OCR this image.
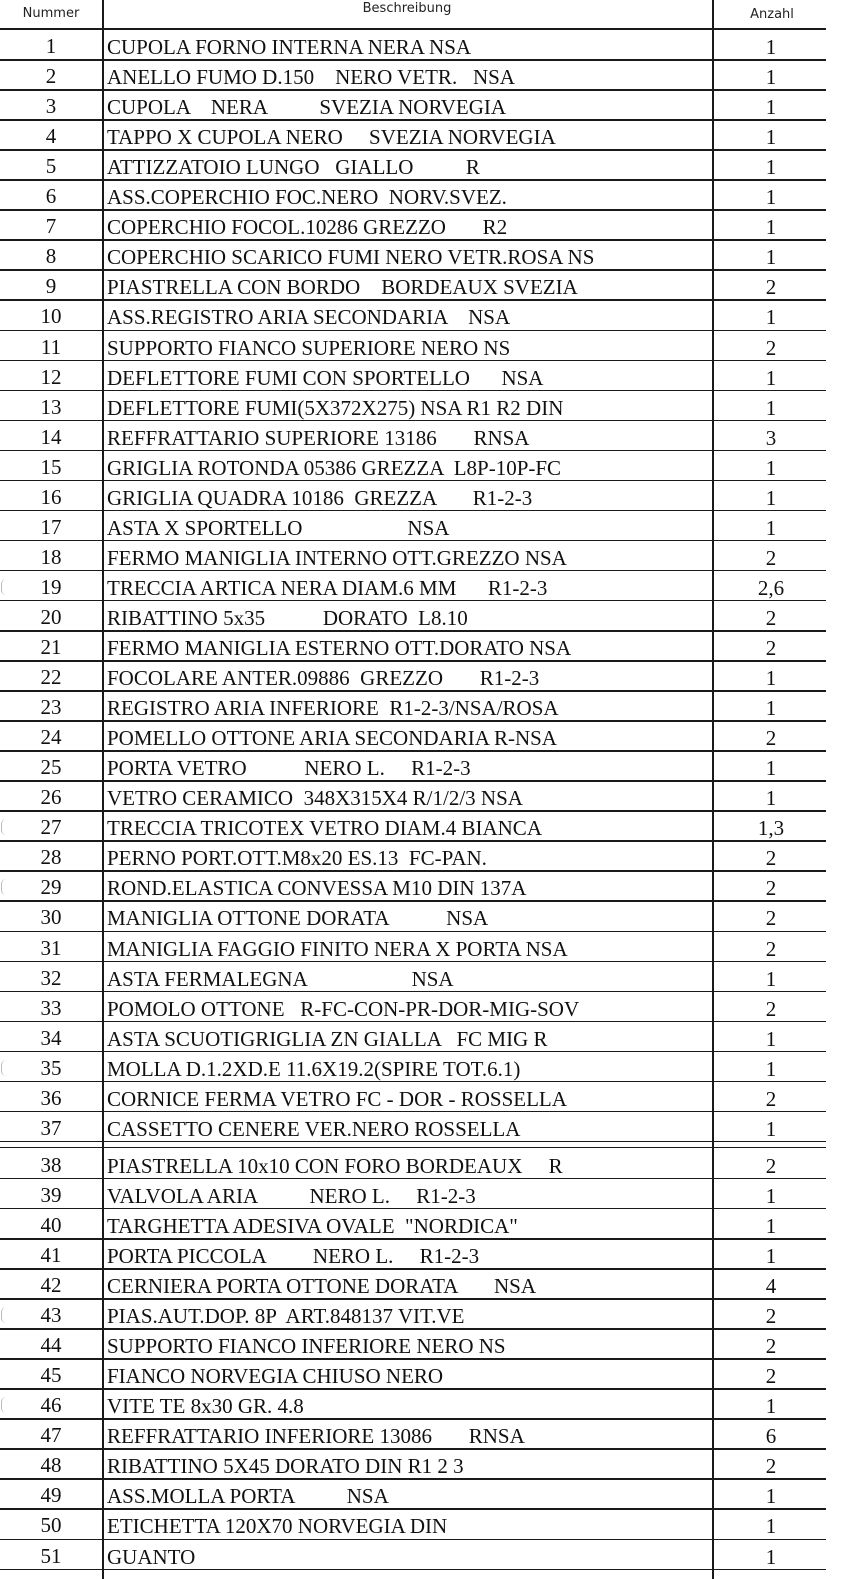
Nummer	Beschreibung	Anzahl
1	CUPOLA FORNO INTERNA NERA NSA	1
2	ANELLO FUMO D.150    NERO VETR.   NSA	1
3	CUPOLA    NERA          SVEZIA NORVEGIA	1
4	TAPPO X CUPOLA NERO     SVEZIA NORVEGIA	1
5	ATTIZZATOIO LUNGO   GIALLO          R	1
6	ASS.COPERCHIO FOC.NERO  NORV.SVEZ.	1
7	COPERCHIO FOCOL.10286 GREZZO       R2	1
8	COPERCHIO SCARICO FUMI NERO VETR.ROSA NS	1
9	PIASTRELLA CON BORDO    BORDEAUX SVEZIA	2
10	ASS.REGISTRO ARIA SECONDARIA    NSA	1
11	SUPPORTO FIANCO SUPERIORE NERO NS	2
12	DEFLETTORE FUMI CON SPORTELLO      NSA	1
13	DEFLETTORE FUMI(5X372X275) NSA R1 R2 DIN	1
14	REFFRATTARIO SUPERIORE 13186       RNSA	3
15	GRIGLIA ROTONDA 05386 GREZZA  L8P-10P-FC	1
16	GRIGLIA QUADRA 10186  GREZZA       R1-2-3	1
17	ASTA X SPORTELLO                    NSA	1
18	FERMO MANIGLIA INTERNO OTT.GREZZO NSA	2
19	TRECCIA ARTICA NERA DIAM.6 MM      R1-2-3	2,6
20	RIBATTINO 5x35           DORATO  L8.10	2
21	FERMO MANIGLIA ESTERNO OTT.DORATO NSA	2
22	FOCOLARE ANTER.09886  GREZZO       R1-2-3	1
23	REGISTRO ARIA INFERIORE  R1-2-3/NSA/ROSA	1
24	POMELLO OTTONE ARIA SECONDARIA R-NSA	2
25	PORTA VETRO           NERO L.     R1-2-3	1
26	VETRO CERAMICO  348X315X4 R/1/2/3 NSA	1
27	TRECCIA TRICOTEX VETRO DIAM.4 BIANCA	1,3
28	PERNO PORT.OTT.M8x20 ES.13  FC-PAN.	2
29	ROND.ELASTICA CONVESSA M10 DIN 137A	2
30	MANIGLIA OTTONE DORATA           NSA	2
31	MANIGLIA FAGGIO FINITO NERA X PORTA NSA	2
32	ASTA FERMALEGNA                    NSA	1
33	POMOLO OTTONE   R-FC-CON-PR-DOR-MIG-SOV	2
34	ASTA SCUOTIGRIGLIA ZN GIALLA   FC MIG R	1
35	MOLLA D.1.2XD.E 11.6X19.2(SPIRE TOT.6.1)	1
36	CORNICE FERMA VETRO FC - DOR - ROSSELLA	2
37	CASSETTO CENERE VER.NERO ROSSELLA	1
38	PIASTRELLA 10x10 CON FORO BORDEAUX     R	2
39	VALVOLA ARIA          NERO L.     R1-2-3	1
40	TARGHETTA ADESIVA OVALE  "NORDICA"	1
41	PORTA PICCOLA         NERO L.     R1-2-3	1
42	CERNIERA PORTA OTTONE DORATA       NSA	4
43	PIAS.AUT.DOP. 8P  ART.848137 VIT.VE	2
44	SUPPORTO FIANCO INFERIORE NERO NS	2
45	FIANCO NORVEGIA CHIUSO NERO	2
46	VITE TE 8x30 GR. 4.8	1
47	REFFRATTARIO INFERIORE 13086       RNSA	6
48	RIBATTINO 5X45 DORATO DIN R1 2 3	2
49	ASS.MOLLA PORTA          NSA	1
50	ETICHETTA 120X70 NORVEGIA DIN	1
51	GUANTO	1
